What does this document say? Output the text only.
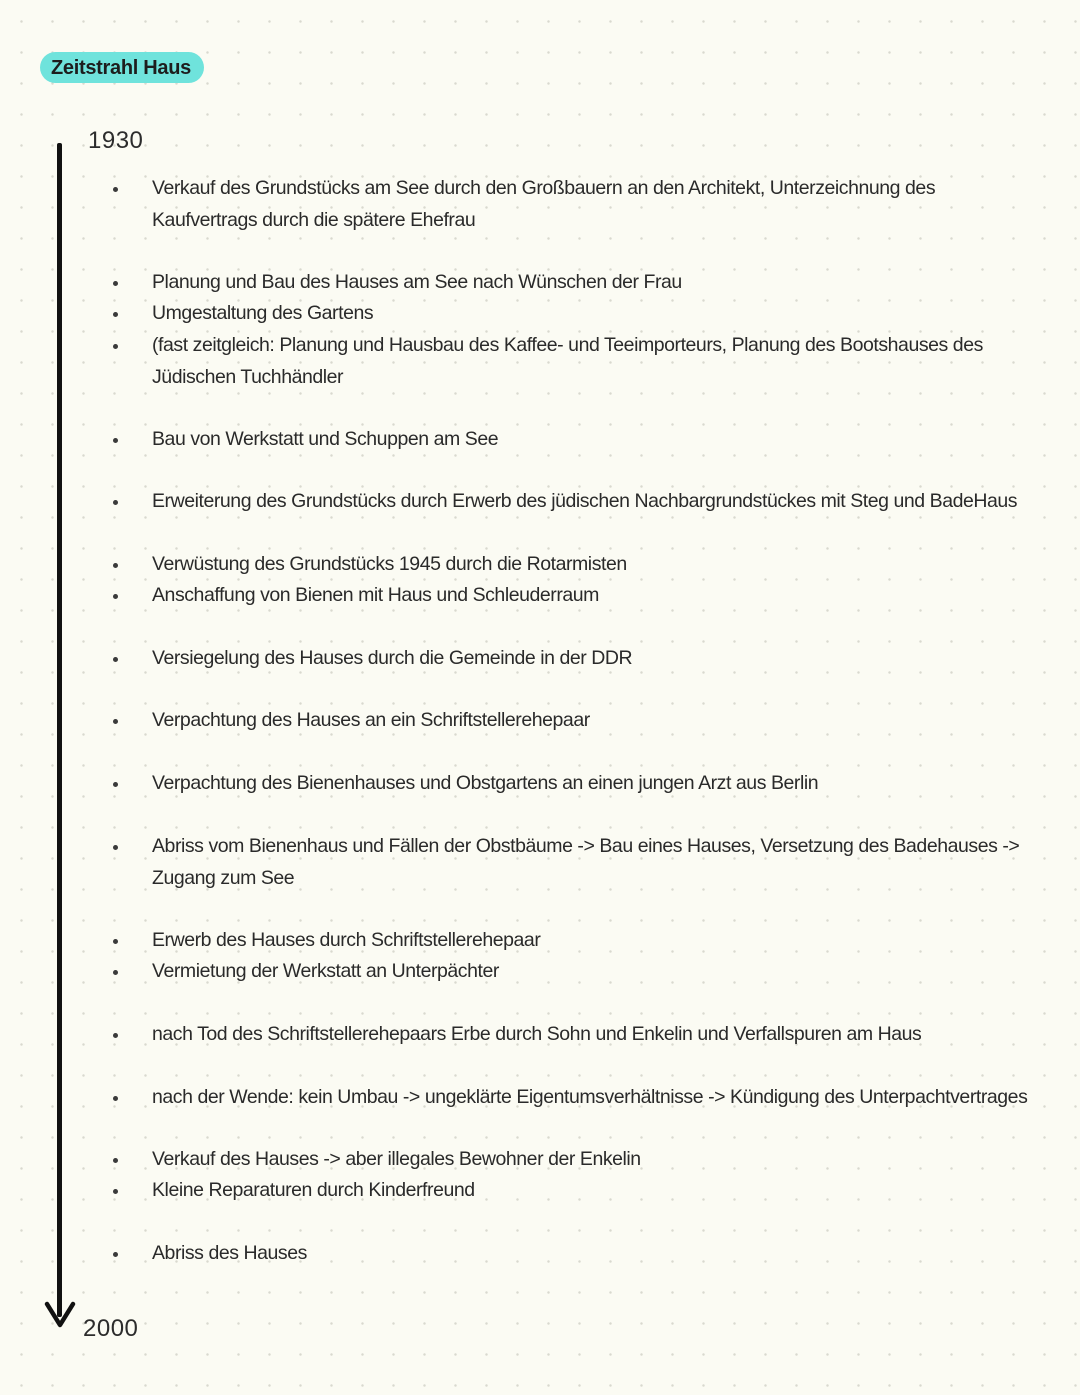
Zeitstrahl Haus
1930
2000
Verkauf des Grundstücks am See durch den Großbauern an den Architekt, Unterzeichnung des
Kaufvertrags durch die spätere Ehefrau
Planung und Bau des Hauses am See nach Wünschen der Frau
Umgestaltung des Gartens
(fast zeitgleich: Planung und Hausbau des Kaffee- und Teeimporteurs, Planung des Bootshauses des
Jüdischen Tuchhändler
Bau von Werkstatt und Schuppen am See
Erweiterung des Grundstücks durch Erwerb des jüdischen Nachbargrundstückes mit Steg und BadeHaus
Verwüstung des Grundstücks 1945 durch die Rotarmisten
Anschaffung von Bienen mit Haus und Schleuderraum
Versiegelung des Hauses durch die Gemeinde in der DDR
Verpachtung des Hauses an ein Schriftstellerehepaar
Verpachtung des Bienenhauses und Obstgartens an einen jungen Arzt aus Berlin
Abriss vom Bienenhaus und Fällen der Obstbäume -> Bau eines Hauses, Versetzung des Badehauses ->
Zugang zum See
Erwerb des Hauses durch Schriftstellerehepaar
Vermietung der Werkstatt an Unterpächter
nach Tod des Schriftstellerehepaars Erbe durch Sohn und Enkelin und Verfallspuren am Haus
nach der Wende: kein Umbau -> ungeklärte Eigentumsverhältnisse -> Kündigung des Unterpachtvertrages
Verkauf des Hauses -> aber illegales Bewohner der Enkelin
Kleine Reparaturen durch Kinderfreund
Abriss des Hauses
